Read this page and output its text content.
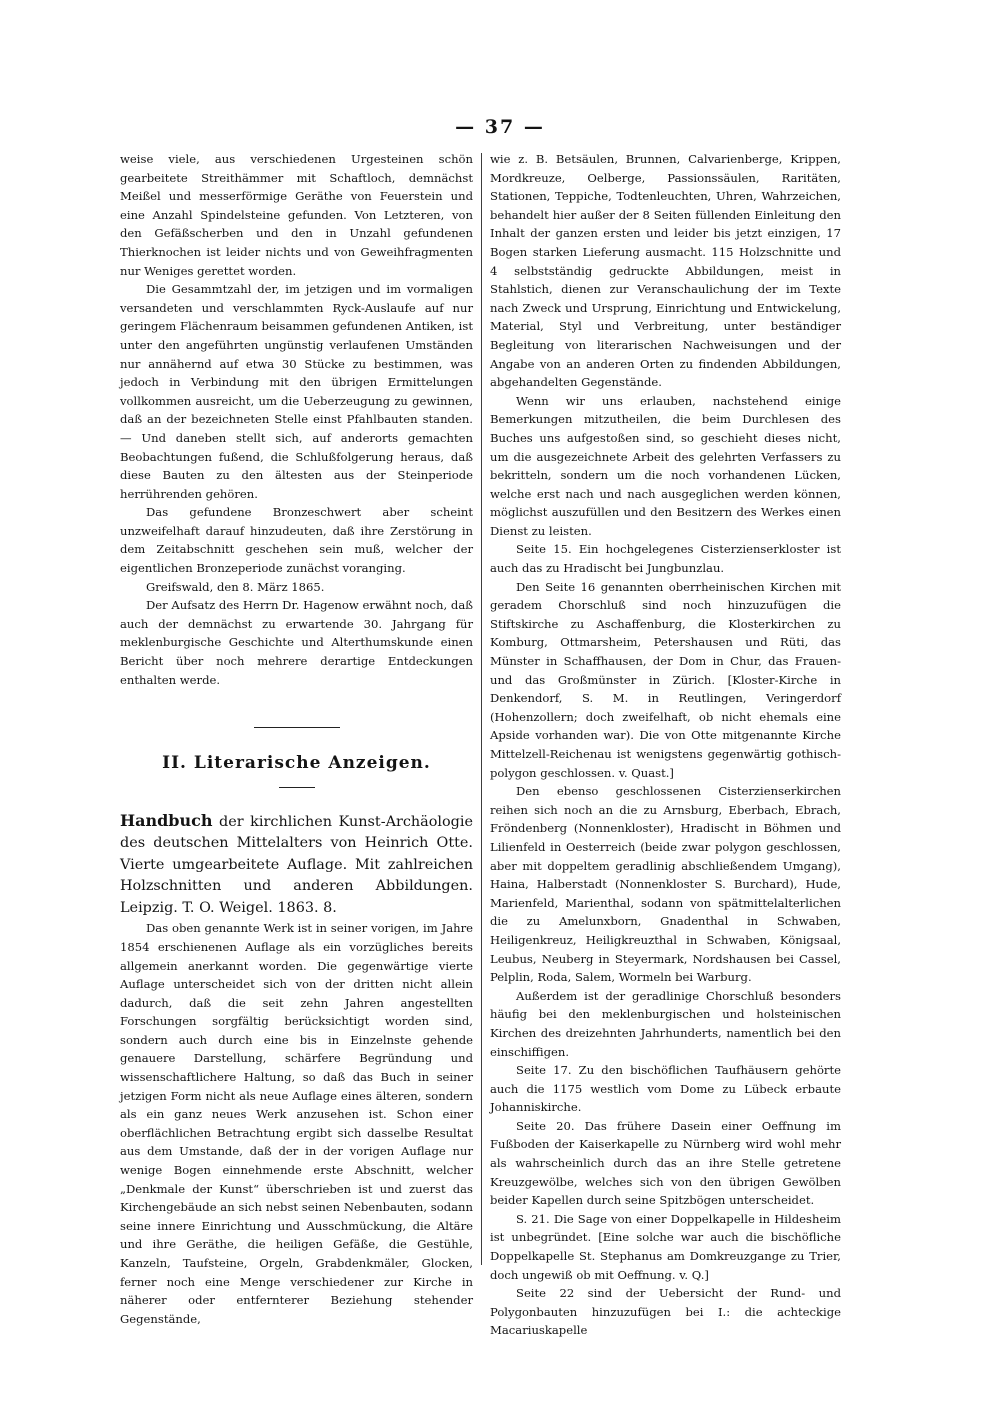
— 37 —

weise viele, aus verschiedenen Urgesteinen schön gearbeitete Streithämmer mit Schaftloch, demnächst Meißel und messerförmige Geräthe von Feuerstein und eine Anzahl Spindelsteine gefunden. Von Letzteren, von den Gefäßscherben und den in Unzahl gefundenen Thierknochen ist leider nichts und von Geweihfragmenten nur Weniges gerettet worden.

Die Gesammtzahl der, im jetzigen und im vormaligen versandeten und verschlammten Ryck-Auslaufe auf nur geringem Flächenraum beisammen gefundenen Antiken, ist unter den angeführten ungünstig verlaufenen Umständen nur annähernd auf etwa 30 Stücke zu bestimmen, was jedoch in Verbindung mit den übrigen Ermittelungen vollkommen ausreicht, um die Ueberzeugung zu gewinnen, daß an der bezeichneten Stelle einst Pfahlbauten standen. — Und daneben stellt sich, auf anderorts gemachten Beobachtungen fußend, die Schlußfolgerung heraus, daß diese Bauten zu den ältesten aus der Steinperiode herrührenden gehören.

Das gefundene Bronzeschwert aber scheint unzweifelhaft darauf hinzudeuten, daß ihre Zerstörung in dem Zeitabschnitt geschehen sein muß, welcher der eigentlichen Bronzeperiode zunächst voranging.

Greifswald, den 8. März 1865.

Der Aufsatz des Herrn Dr. Hagenow erwähnt noch, daß auch der demnächst zu erwartende 30. Jahrgang für meklenburgische Geschichte und Alterthumskunde einen Bericht über noch mehrere derartige Entdeckungen enthalten werde.

II. Literarische Anzeigen.

Handbuch der kirchlichen Kunst-Archäologie des deutschen Mittelalters von Heinrich Otte. Vierte umgearbeitete Auflage. Mit zahlreichen Holzschnitten und anderen Abbildungen. Leipzig. T. O. Weigel. 1863. 8.

Das oben genannte Werk ist in seiner vorigen, im Jahre 1854 erschienenen Auflage als ein vorzügliches bereits allgemein anerkannt worden. Die gegenwärtige vierte Auflage unterscheidet sich von der dritten nicht allein dadurch, daß die seit zehn Jahren angestellten Forschungen sorgfältig berücksichtigt worden sind, sondern auch durch eine bis in Einzelnste gehende genauere Darstellung, schärfere Begründung und wissenschaftlichere Haltung, so daß das Buch in seiner jetzigen Form nicht als neue Auflage eines älteren, sondern als ein ganz neues Werk anzusehen ist. Schon einer oberflächlichen Betrachtung ergibt sich dasselbe Resultat aus dem Umstande, daß der in der vorigen Auflage nur wenige Bogen einnehmende erste Abschnitt, welcher „Denkmale der Kunst“ überschrieben ist und zuerst das Kirchengebäude an sich nebst seinen Nebenbauten, sodann seine innere Einrichtung und Ausschmückung, die Altäre und ihre Geräthe, die heiligen Gefäße, die Gestühle, Kanzeln, Taufsteine, Orgeln, Grabdenkmäler, Glocken, ferner noch eine Menge verschiedener zur Kirche in näherer oder entfernterer Beziehung stehender Gegenstände,

wie z. B. Betsäulen, Brunnen, Calvarienberge, Krippen, Mordkreuze, Oelberge, Passionssäulen, Raritäten, Stationen, Teppiche, Todtenleuchten, Uhren, Wahrzeichen, behandelt hier außer der 8 Seiten füllenden Einleitung den Inhalt der ganzen ersten und leider bis jetzt einzigen, 17 Bogen starken Lieferung ausmacht. 115 Holzschnitte und 4 selbstständig gedruckte Abbildungen, meist in Stahlstich, dienen zur Veranschaulichung der im Texte nach Zweck und Ursprung, Einrichtung und Entwickelung, Material, Styl und Verbreitung, unter beständiger Begleitung von literarischen Nachweisungen und der Angabe von an anderen Orten zu findenden Abbildungen, abgehandelten Gegenstände.

Wenn wir uns erlauben, nachstehend einige Bemerkungen mitzutheilen, die beim Durchlesen des Buches uns aufgestoßen sind, so geschieht dieses nicht, um die ausgezeichnete Arbeit des gelehrten Verfassers zu bekritteln, sondern um die noch vorhandenen Lücken, welche erst nach und nach ausgeglichen werden können, möglichst auszufüllen und den Besitzern des Werkes einen Dienst zu leisten.

Seite 15. Ein hochgelegenes Cisterzienserkloster ist auch das zu Hradischt bei Jungbunzlau.

Den Seite 16 genannten oberrheinischen Kirchen mit geradem Chorschluß sind noch hinzuzufügen die Stiftskirche zu Aschaffenburg, die Klosterkirchen zu Komburg, Ottmarsheim, Petershausen und Rüti, das Münster in Schaffhausen, der Dom in Chur, das Frauen- und das Großmünster in Zürich. [Kloster-Kirche in Denkendorf, S. M. in Reutlingen, Veringerdorf (Hohenzollern; doch zweifelhaft, ob nicht ehemals eine Apside vorhanden war). Die von Otte mitgenannte Kirche Mittelzell-Reichenau ist wenigstens gegenwärtig gothisch-polygon geschlossen. v. Quast.]

Den ebenso geschlossenen Cisterzienserkirchen reihen sich noch an die zu Arnsburg, Eberbach, Ebrach, Fröndenberg (Nonnenkloster), Hradischt in Böhmen und Lilienfeld in Oesterreich (beide zwar polygon geschlossen, aber mit doppeltem geradlinig abschließendem Umgang), Haina, Halberstadt (Nonnenkloster S. Burchard), Hude, Marienfeld, Marienthal, sodann von spätmittelalterlichen die zu Amelunxborn, Gnadenthal in Schwaben, Heiligenkreuz, Heiligkreuzthal in Schwaben, Königsaal, Leubus, Neuberg in Steyermark, Nordshausen bei Cassel, Pelplin, Roda, Salem, Wormeln bei Warburg.

Außerdem ist der geradlinige Chorschluß besonders häufig bei den meklenburgischen und holsteinischen Kirchen des dreizehnten Jahrhunderts, namentlich bei den einschiffigen.

Seite 17. Zu den bischöflichen Taufhäusern gehörte auch die 1175 westlich vom Dome zu Lübeck erbaute Johanniskirche.

Seite 20. Das frühere Dasein einer Oeffnung im Fußboden der Kaiserkapelle zu Nürnberg wird wohl mehr als wahrscheinlich durch das an ihre Stelle getretene Kreuzgewölbe, welches sich von den übrigen Gewölben beider Kapellen durch seine Spitzbögen unterscheidet.

S. 21. Die Sage von einer Doppelkapelle in Hildesheim ist unbegründet. [Eine solche war auch die bischöfliche Doppelkapelle St. Stephanus am Domkreuzgange zu Trier, doch ungewiß ob mit Oeffnung. v. Q.]

Seite 22 sind der Uebersicht der Rund- und Polygonbauten hinzuzufügen bei I.: die achteckige Macariuskapelle
